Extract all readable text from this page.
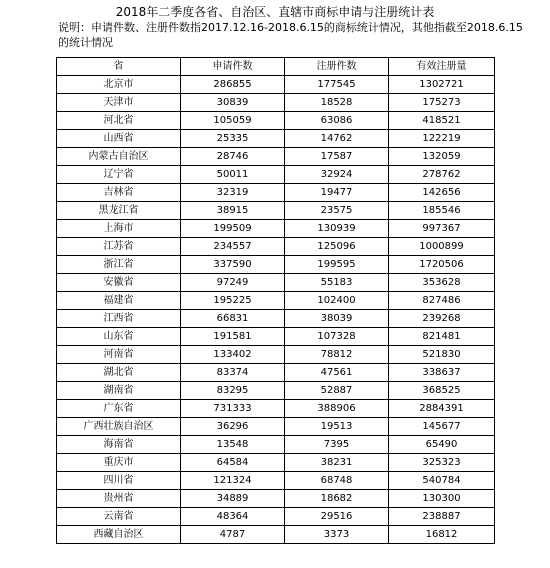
2018年二季度各省、自治区、直辖市商标申请与注册统计表
说明：申请件数、注册件数指2017.12.16-2018.6.15的商标统计情况，其他指截至2018.6.15的统计情况
省	申请件数	注册件数	有效注册量
北京市	286855	177545	1302721
天津市	30839	18528	175273
河北省	105059	63086	418521
山西省	25335	14762	122219
内蒙古自治区	28746	17587	132059
辽宁省	50011	32924	278762
吉林省	32319	19477	142656
黑龙江省	38915	23575	185546
上海市	199509	130939	997367
江苏省	234557	125096	1000899
浙江省	337590	199595	1720506
安徽省	97249	55183	353628
福建省	195225	102400	827486
江西省	66831	38039	239268
山东省	191581	107328	821481
河南省	133402	78812	521830
湖北省	83374	47561	338637
湖南省	83295	52887	368525
广东省	731333	388906	2884391
广西壮族自治区	36296	19513	145677
海南省	13548	7395	65490
重庆市	64584	38231	325323
四川省	121324	68748	540784
贵州省	34889	18682	130300
云南省	48364	29516	238887
西藏自治区	4787	3373	16812
